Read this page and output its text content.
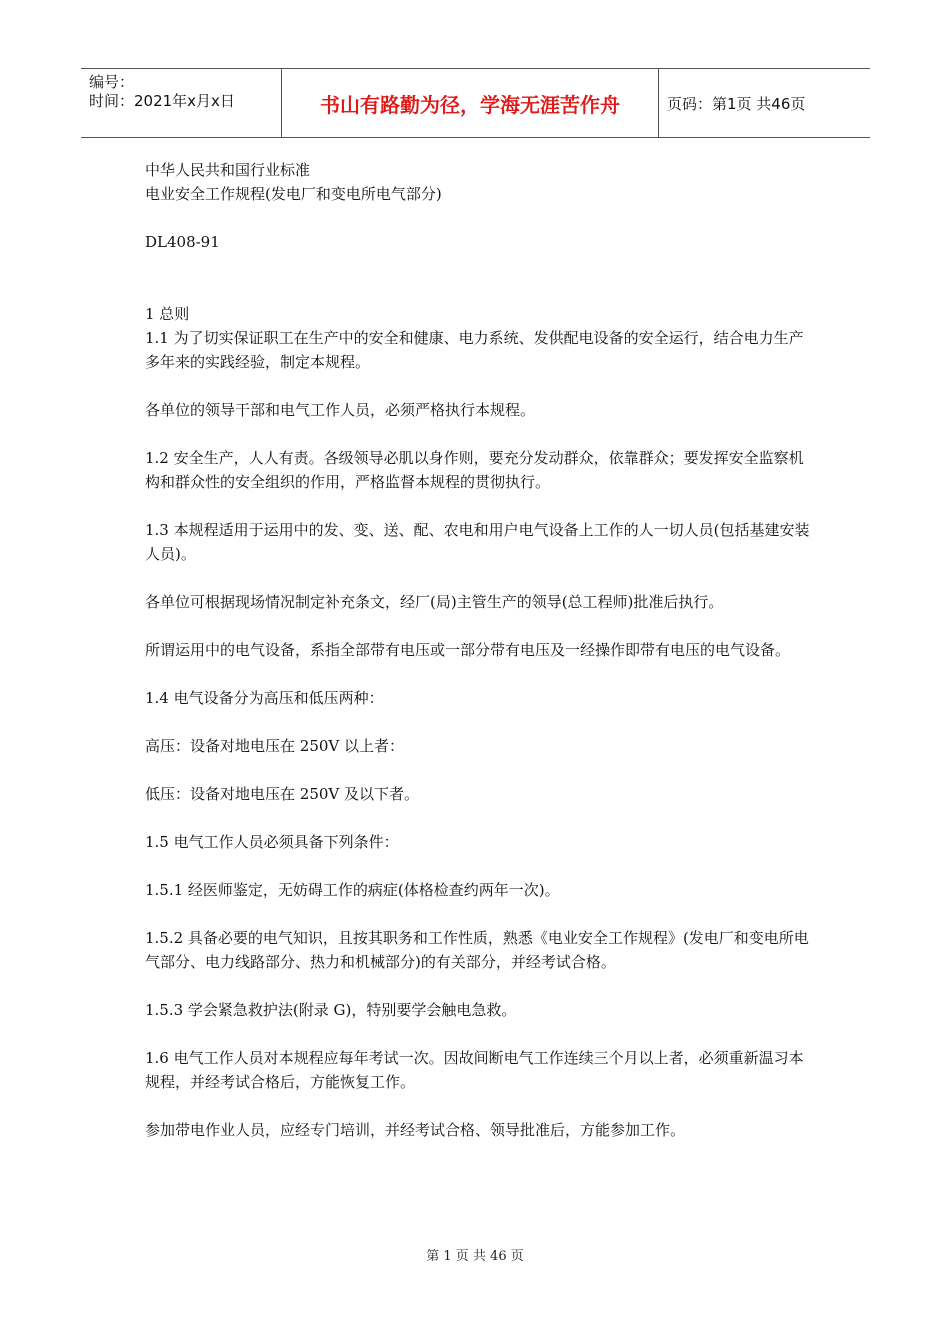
编号：
时间：2021年x月x日	书山有路勤为径，学海无涯苦作舟	页码：第1页 共46页

中华人民共和国行业标准

电业安全工作规程(发电厂和变电所电气部分)

DL408-91

1 总则

1.1 为了切实保证职工在生产中的安全和健康、电力系统、发供配电设备的安全运行，结合电力生产多年来的实践经验，制定本规程。

各单位的领导干部和电气工作人员，必须严格执行本规程。

1.2 安全生产，人人有责。各级领导必肌以身作则，要充分发动群众，依靠群众；要发挥安全监察机构和群众性的安全组织的作用，严格监督本规程的贯彻执行。

1.3 本规程适用于运用中的发、变、送、配、农电和用户电气设备上工作的人一切人员(包括基建安装人员)。

各单位可根据现场情况制定补充条文，经厂(局)主管生产的领导(总工程师)批准后执行。

所谓运用中的电气设备，系指全部带有电压或一部分带有电压及一经操作即带有电压的电气设备。

1.4 电气设备分为高压和低压两种：

高压：设备对地电压在 250V 以上者：

低压：设备对地电压在 250V 及以下者。

1.5 电气工作人员必须具备下列条件：

1.5.1 经医师鉴定，无妨碍工作的病症(体格检查约两年一次)。

1.5.2 具备必要的电气知识，且按其职务和工作性质，熟悉《电业安全工作规程》(发电厂和变电所电气部分、电力线路部分、热力和机械部分)的有关部分，并经考试合格。

1.5.3 学会紧急救护法(附录 G)，特别要学会触电急救。

1.6 电气工作人员对本规程应每年考试一次。因故间断电气工作连续三个月以上者，必须重新温习本规程，并经考试合格后，方能恢复工作。

参加带电作业人员，应经专门培训，并经考试合格、领导批准后，方能参加工作。

第 1 页 共 46 页
